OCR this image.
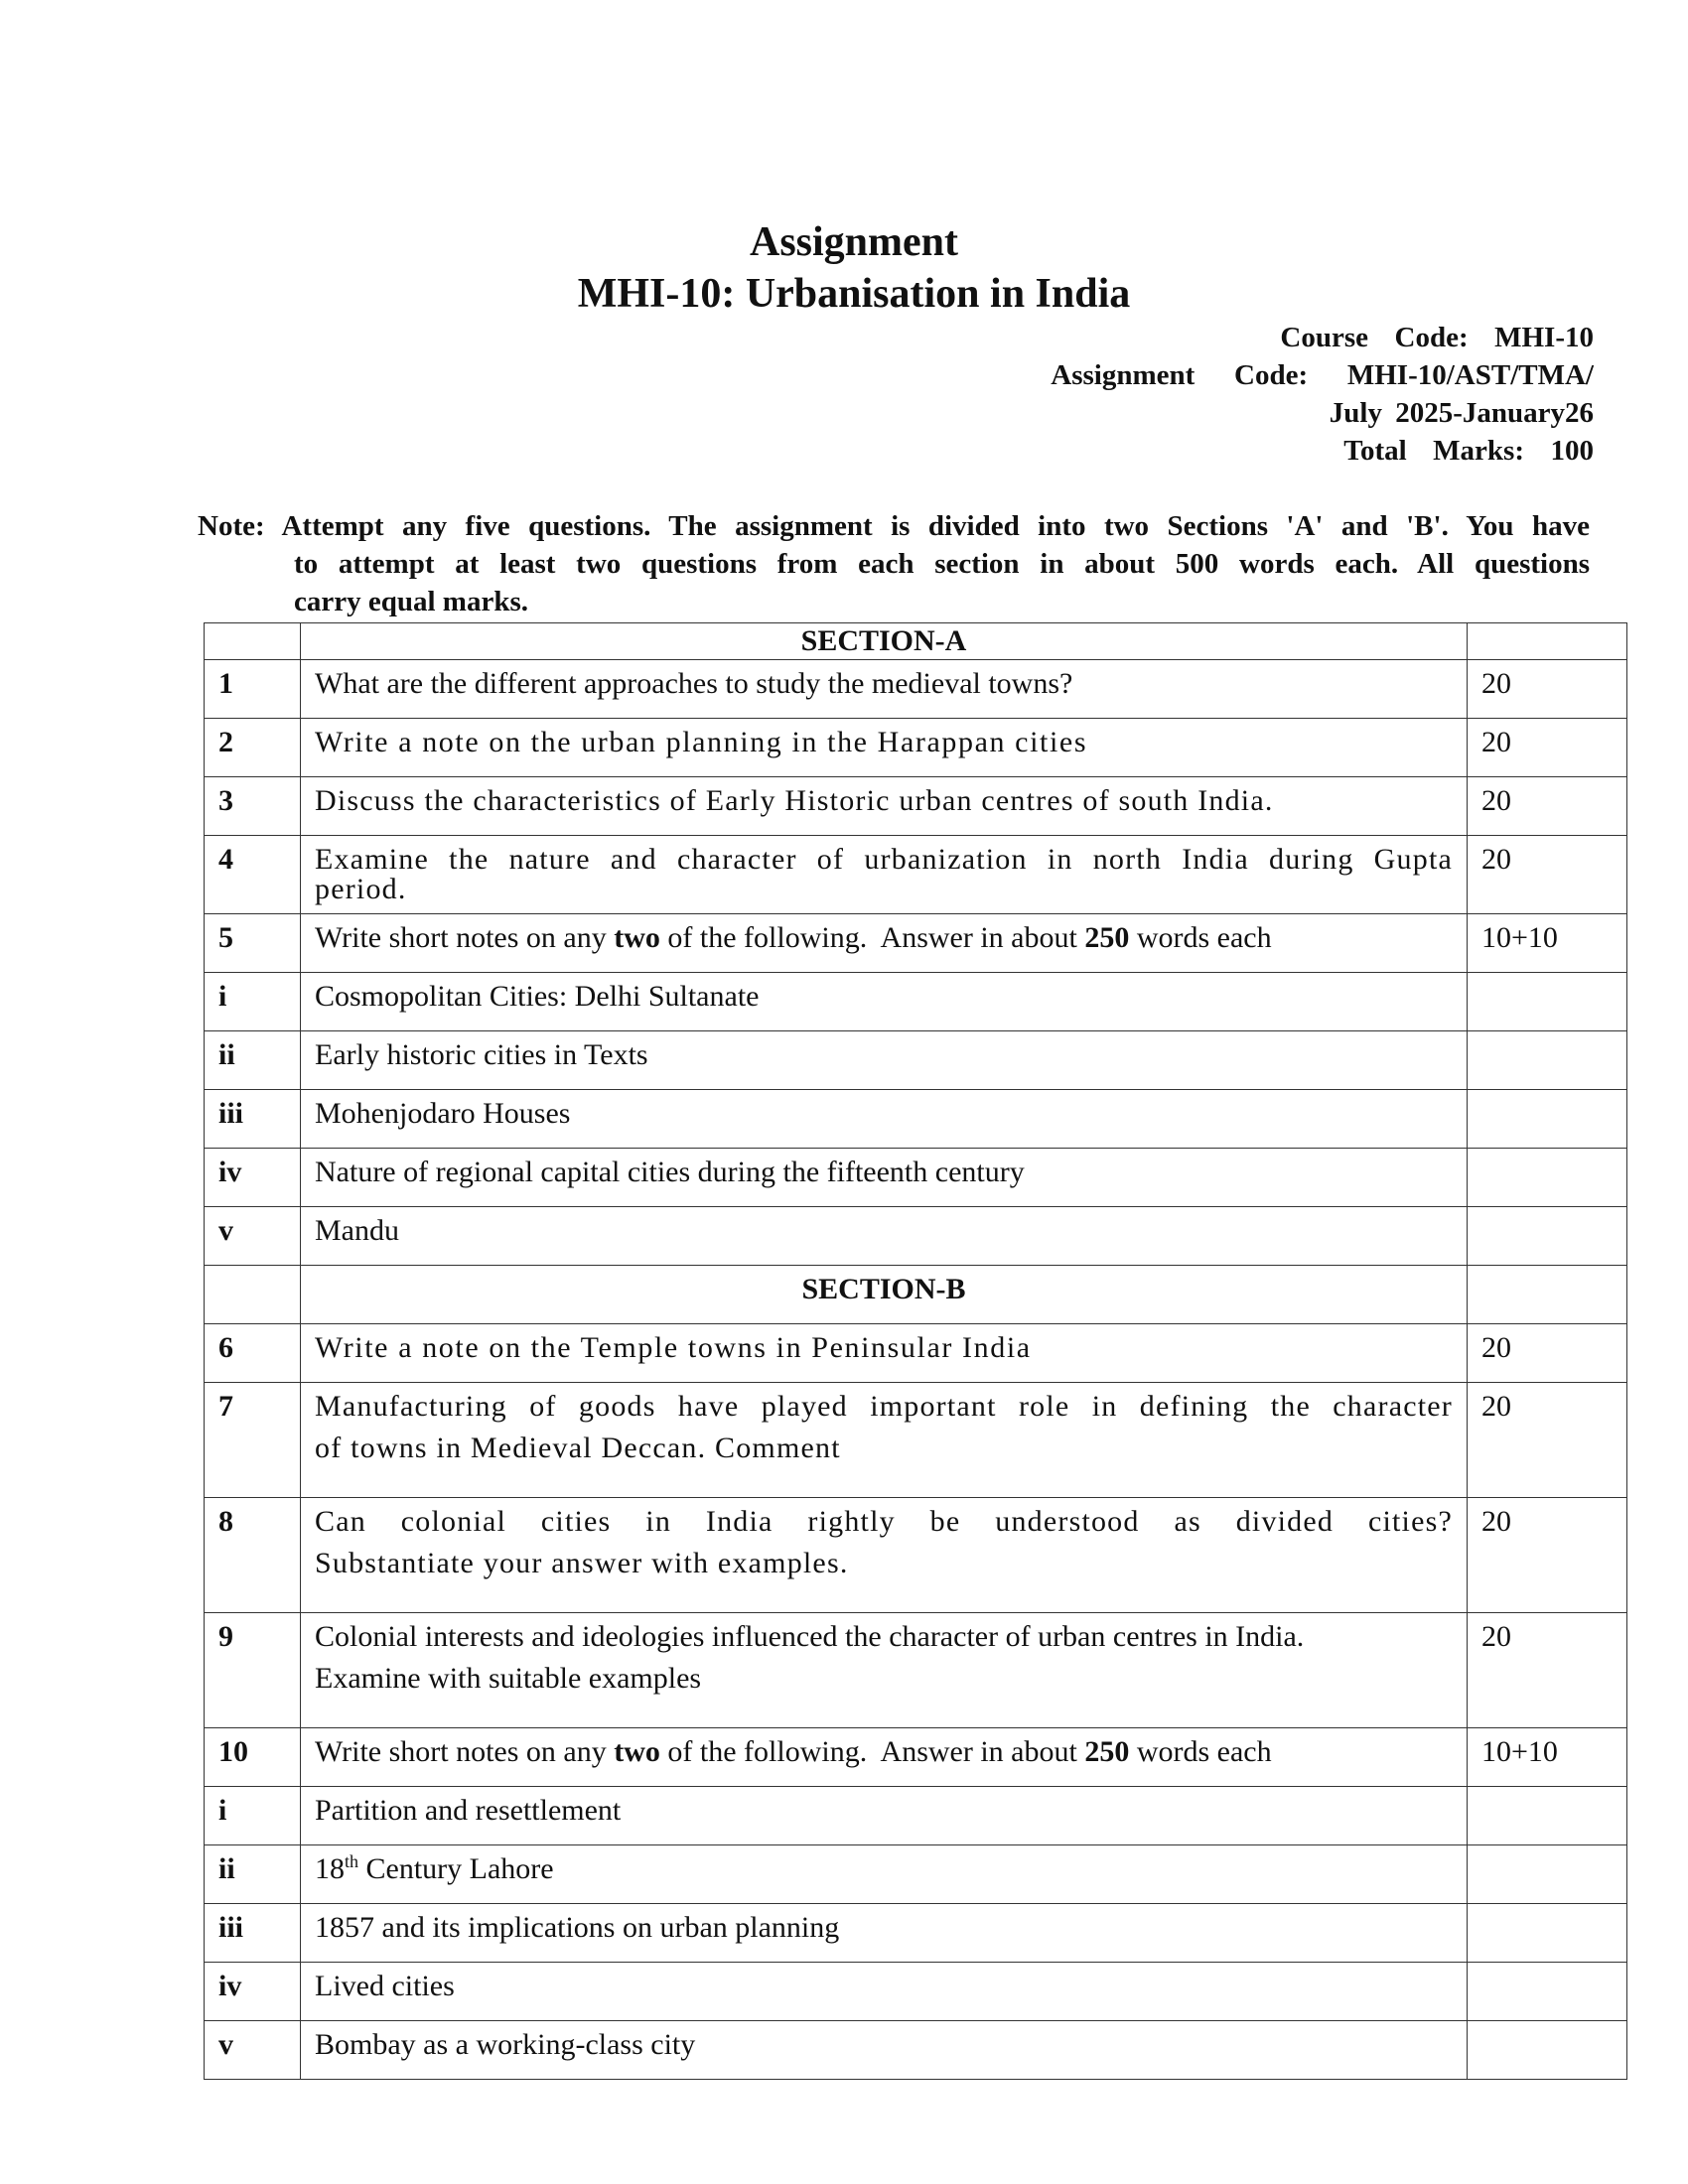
Assignment
MHI-10: Urbanisation in India
Course  Code:  MHI-10
Assignment   Code:   MHI-10/AST/TMA/
July 2025-January26
Total  Marks:  100
Note: Attempt any five questions. The assignment is divided into two Sections 'A' and 'B'. You have
to attempt at least two questions from each section in about 500 words each. All questions
carry equal marks.
	SECTION-A	
1	What are the different approaches to study the medieval towns?	20
2	Write a note on the urban planning in the Harappan cities	20
3	Discuss the characteristics of Early Historic urban centres of south India.	20
4	Examine the nature and character of urbanization in north India during Gupta
period.	20
5	Write short notes on any two of the following.  Answer in about 250 words each	10+10
i	Cosmopolitan Cities: Delhi Sultanate	
ii	Early historic cities in Texts	
iii	Mohenjodaro Houses	
iv	Nature of regional capital cities during the fifteenth century	
v	Mandu	
	SECTION-B	
6	Write a note on the Temple towns in Peninsular India	20
7	Manufacturing of goods have played important role in defining the character
of towns in Medieval Deccan. Comment	20
8	Can colonial cities in India rightly be understood as divided cities?
Substantiate your answer with examples.	20
9	Colonial interests and ideologies influenced the character of urban centres in India.
Examine with suitable examples	20
10	Write short notes on any two of the following.  Answer in about 250 words each	10+10
i	Partition and resettlement	
ii	18th Century Lahore	
iii	1857 and its implications on urban planning	
iv	Lived cities	
v	Bombay as a working-class city	
